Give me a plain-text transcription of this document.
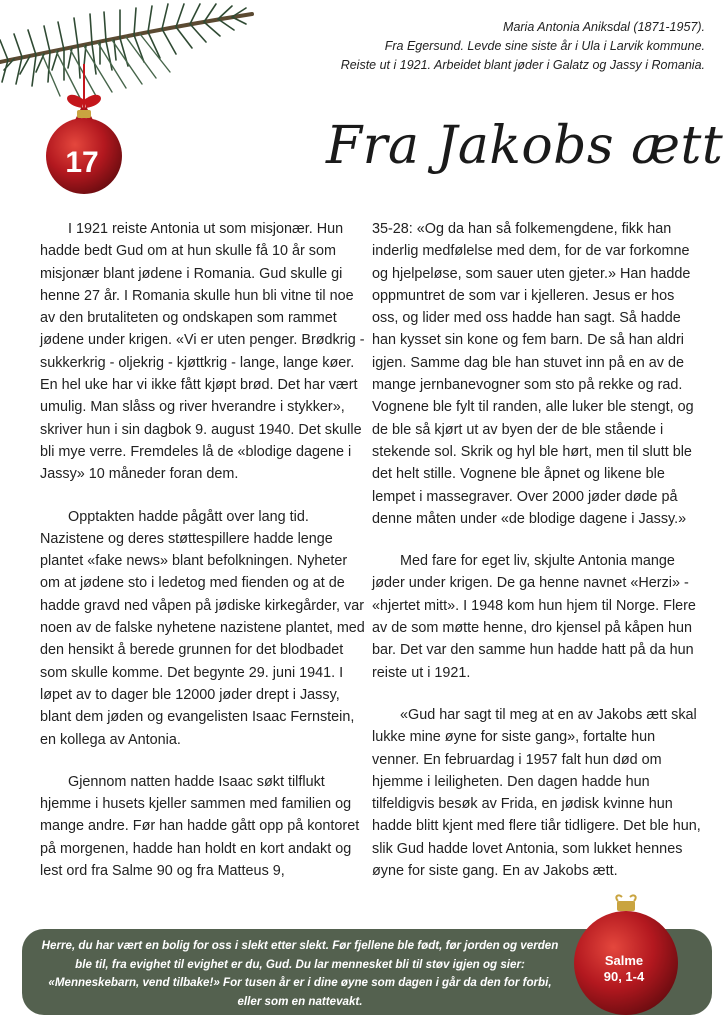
17
Maria Antonia Aniksdal (1871-1957).
Fra Egersund. Levde sine siste år i Ula i Larvik kommune.
Reiste ut i 1921. Arbeidet blant jøder i Galatz og Jassy i Romania.
Fra Jakobs ætt

I 1921 reiste Antonia ut som misjonær. Hun hadde bedt Gud om at hun skulle få 10 år som misjonær blant jødene i Romania. Gud skulle gi henne 27 år. I Romania skulle hun bli vitne til noe av den brutaliteten og ondskapen som rammet jødene under krigen. «Vi er uten penger. Brødkrig - sukkerkrig - oljekrig - kjøttkrig - lange, lange køer. En hel uke har vi ikke fått kjøpt brød. Det har vært umulig. Man slåss og river hverandre i stykker», skriver hun i sin dagbok 9. august 1940. Det skulle bli mye verre. Fremdeles lå de «blodige dagene i Jassy» 10 måneder foran dem.

Opptakten hadde pågått over lang tid. Nazistene og deres støttespillere hadde lenge plantet «fake news» blant befolkningen. Nyheter om at jødene sto i ledetog med fienden og at de hadde gravd ned våpen på jødiske kirkegårder, var noen av de falske nyhetene nazistene plantet, med den hensikt å berede grunnen for det blodbadet som skulle komme. Det begynte 29. juni 1941. I løpet av to dager ble 12000 jøder drept i Jassy, blant dem jøden og evangelisten Isaac Fernstein, en kollega av Antonia.

Gjennom natten hadde Isaac søkt tilflukt hjemme i husets kjeller sammen med familien og mange andre. Før han hadde gått opp på kontoret på morgenen, hadde han holdt en kort andakt og lest ord fra Salme 90 og fra Matteus 9,

35-28: «Og da han så folkemengdene, fikk han inderlig medfølelse med dem, for de var forkomne og hjelpeløse, som sauer uten gjeter.» Han hadde oppmuntret de som var i kjelleren. Jesus er hos oss, og lider med oss hadde han sagt. Så hadde han kysset sin kone og fem barn. De så han aldri igjen. Samme dag ble han stuvet inn på en av de mange jernbanevogner som sto på rekke og rad. Vognene ble fylt til randen, alle luker ble stengt, og de ble så kjørt ut av byen der de ble stående i stekende sol. Skrik og hyl ble hørt, men til slutt ble det helt stille. Vognene ble åpnet og likene ble lempet i massegraver. Over 2000 jøder døde på denne måten under «de blodige dagene i Jassy.»

Med fare for eget liv, skjulte Antonia mange jøder under krigen. De ga henne navnet «Herzi» - «hjertet mitt». I 1948 kom hun hjem til Norge. Flere av de som møtte henne, dro kjensel på kåpen hun bar. Det var den samme hun hadde hatt på da hun reiste ut i 1921.

«Gud har sagt til meg at en av Jakobs ætt skal lukke mine øyne for siste gang», fortalte hun venner. En februardag i 1957 falt hun død om hjemme i leiligheten. Den dagen hadde hun tilfeldigvis besøk av Frida, en jødisk kvinne hun hadde blitt kjent med flere tiår tidligere. Det ble hun, slik Gud hadde lovet Antonia, som lukket hennes øyne for siste gang. En av Jakobs ætt.

Herre, du har vært en bolig for oss i slekt etter slekt. Før fjellene ble født, før jorden og verden ble til, fra evighet til evighet er du, Gud. Du lar mennesket bli til støv igjen og sier: «Menneskebarn, vend tilbake!» For tusen år er i dine øyne som dagen i går da den for forbi, eller som en nattevakt.
Salme
90, 1-4
